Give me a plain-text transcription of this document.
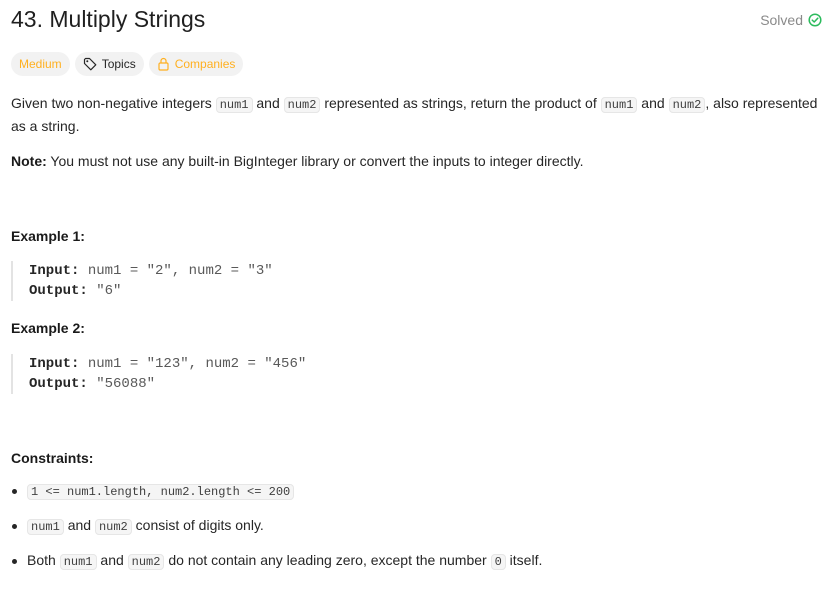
43. Multiply Strings	Solved
Medium	Topics	Companies
Given two non-negative integers num1 and num2 represented as strings, return the product of num1 and num2 , also represented as a string.
Note: You must not use any built-in BigInteger library or convert the inputs to integer directly.
Example 1:
Input: num1 = "2", num2 = "3"
Output: "6"
Example 2:
Input: num1 = "123", num2 = "456"
Output: "56088"
Constraints:
1 <= num1.length, num2.length <= 200
num1 and num2 consist of digits only.
Both num1 and num2 do not contain any leading zero, except the number 0 itself.
